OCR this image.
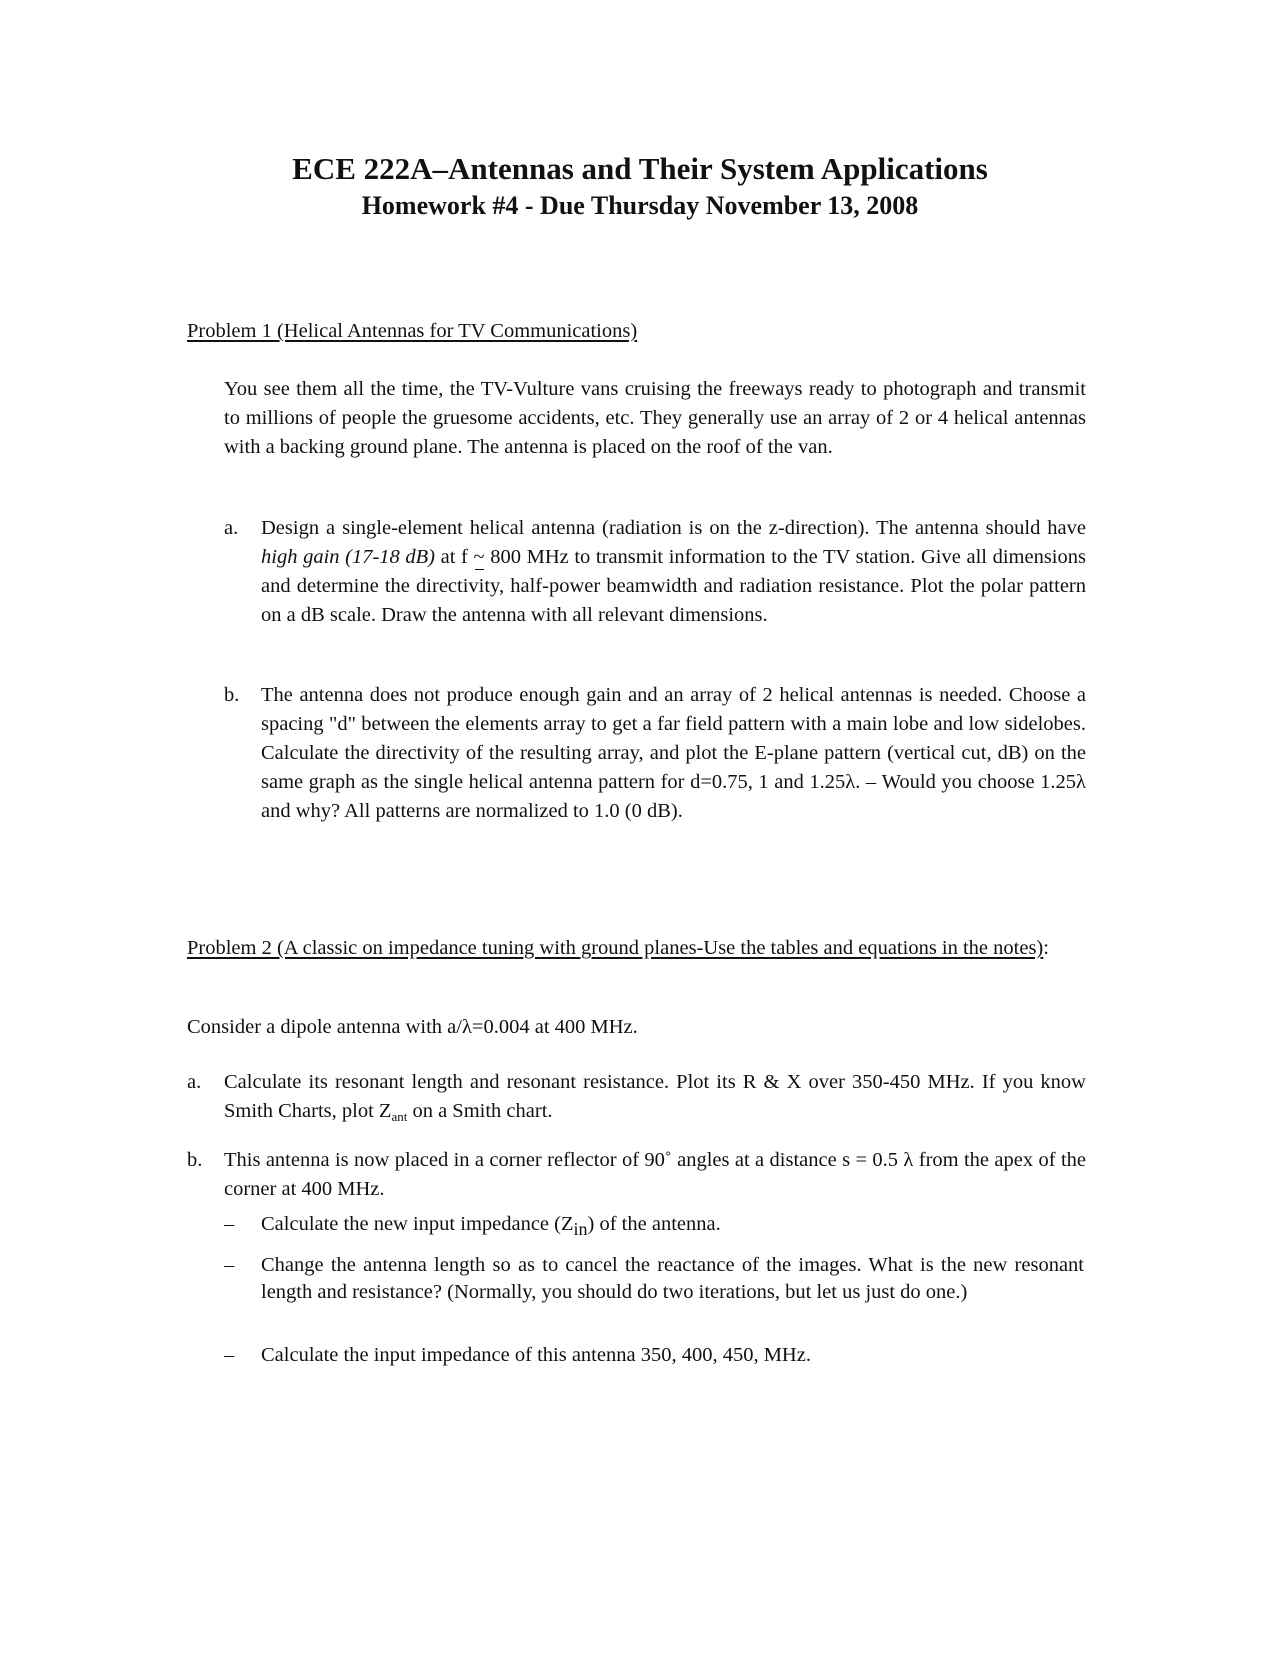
ECE 222A–Antennas and Their System Applications
Homework #4 - Due Thursday November 13, 2008
Problem 1 (Helical Antennas for TV Communications)

You see them all the time, the TV-Vulture vans cruising the freeways ready to photograph and transmit to millions of people the gruesome accidents, etc. They generally use an array of 2 or 4 helical antennas with a backing ground plane. The antenna is placed on the roof of the van.

a. Design a single-element helical antenna (radiation is on the z-direction). The antenna should have high gain (17-18 dB) at f ~
800 MHz to transmit information to the TV station. Give all dimensions and determine the directivity, half-power beamwidth and radiation resistance. Plot the polar pattern on a dB scale. Draw the antenna with all relevant dimensions.
b. The antenna does not produce enough gain and an array of 2 helical antennas is needed. Choose a spacing "d" between the elements array to get a far field pattern with a main lobe and low sidelobes. Calculate the directivity of the resulting array, and plot the E-plane pattern (vertical cut, dB) on the same graph as the single helical antenna pattern for d=0.75, 1 and 1.25λ. – Would you choose 1.25λ and why? All patterns are normalized to 1.0 (0 dB).
Problem 2 (A classic on impedance tuning with ground planes-Use the tables and equations in the notes):

Consider a dipole antenna with a/λ=0.004 at 400 MHz.

a. Calculate its resonant length and resonant resistance. Plot its R & X over 350-450 MHz. If you know Smith Charts, plot $Z_{ant}$ on a Smith chart.
b. This antenna is now placed in a corner reflector of 90˚ angles at a distance s = 0.5 λ from the apex of the corner at 400 MHz.
– Calculate the new input impedance $(Z_{in})$ of the antenna.
– Change the antenna length so as to cancel the reactance of the images. What is the new resonant length and resistance? (Normally, you should do two iterations, but let us just do one.)
– Calculate the input impedance of this antenna 350, 400, 450, MHz.
